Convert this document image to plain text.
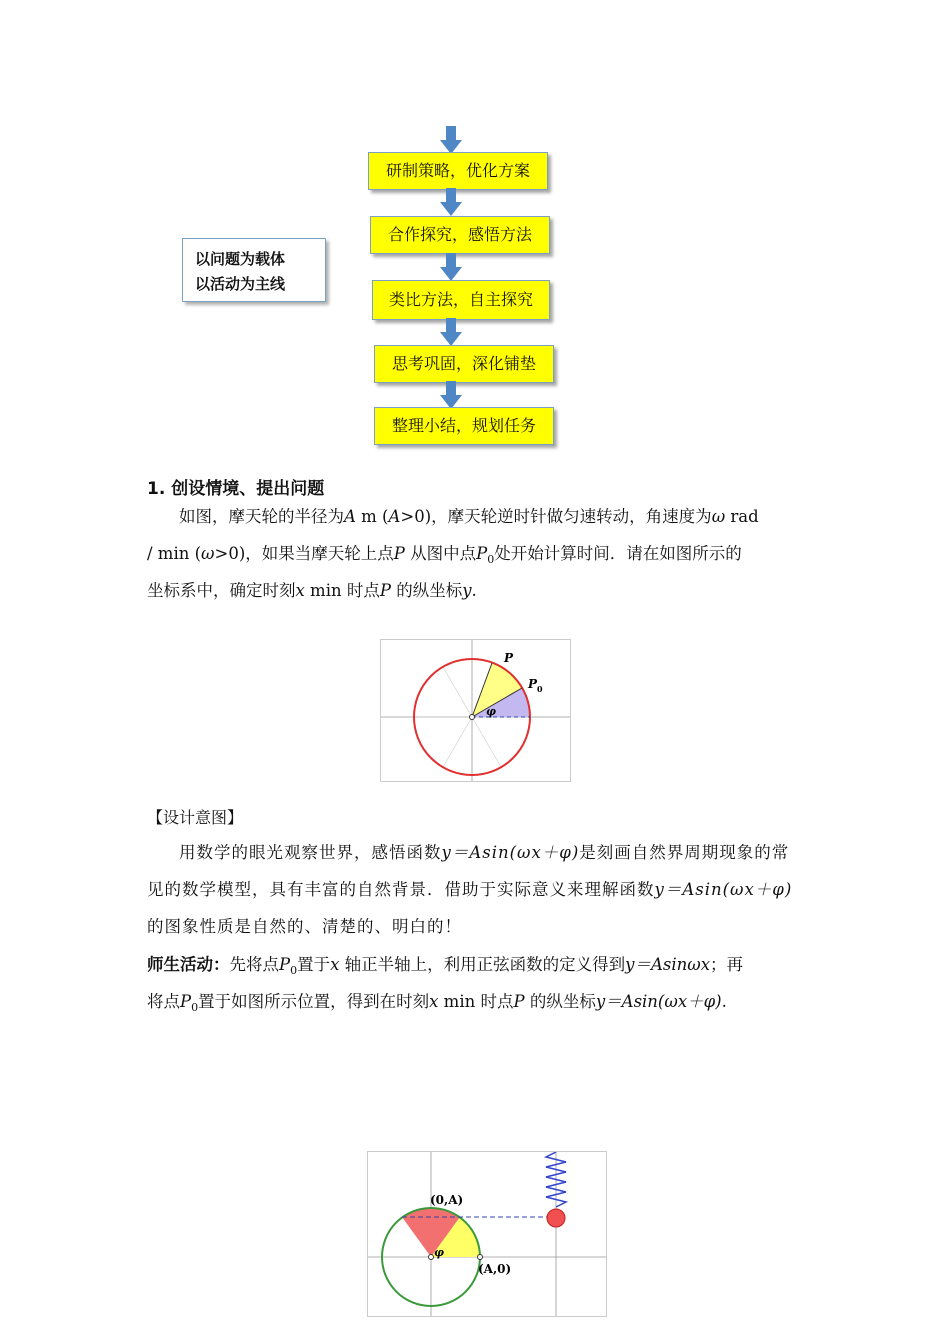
研制策略，优化方案
合作探究，感悟方法
类比方法，自主探究
思考巩固，深化铺垫
整理小结，规划任务
以问题为载体
以活动为主线
1. 创设情境、提出问题
如图，摩天轮的半径为A m (A>0)，摩天轮逆时针做匀速转动，角速度为ω rad
/ min (ω>0)，如果当摩天轮上点P 从图中点$P_0$处开始计算时间．请在如图所示的
坐标系中，确定时刻x min 时点P 的纵坐标y.
P
P 0
φ
【设计意图】
用数学的眼光观察世界，感悟函数y＝Asin(ωx＋φ)是刻画自然界周期现象的常
见的数学模型，具有丰富的自然背景．借助于实际意义来理解函数y＝Asin(ωx＋φ)
的图象性质是自然的、清楚的、明白的！
师生活动：先将点$P_0$置于x 轴正半轴上，利用正弦函数的定义得到y＝Asinωx；再
将点$P_0$置于如图所示位置，得到在时刻x min 时点P 的纵坐标y＝Asin(ωx＋φ).
(0,A)
(A,0)
φ
